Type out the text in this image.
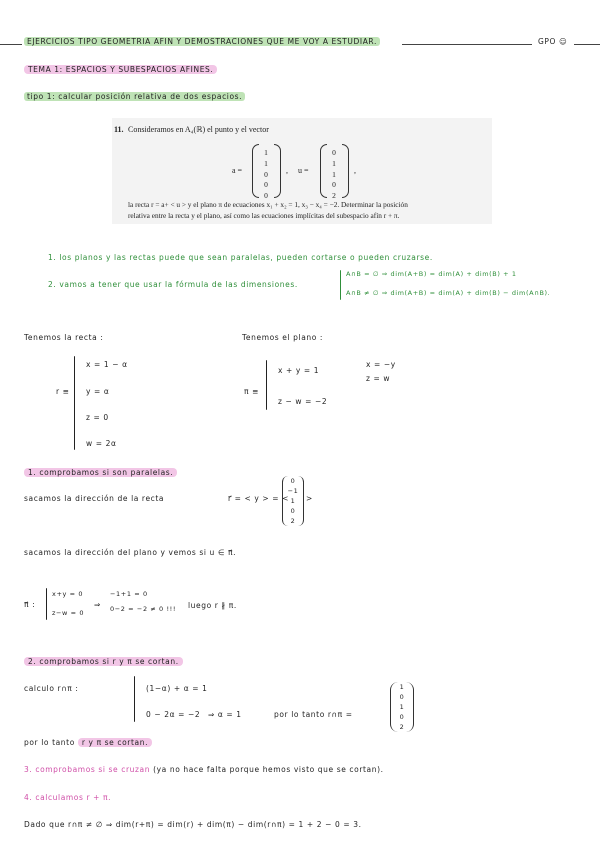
EJERCICIOS TIPO GEOMETRIA AFIN Y DEMOSTRACIONES QUE ME VOY A ESTUDIAR.	GPO ☺
TEMA 1: ESPACIOS Y SUBESPACIOS AFINES.
tipo 1: calcular posición relativa de dos espacios.
11. Consideramos en A₄(ℝ) el punto y el vector
a =
1
1
0
0
0
, u =
0
1
1
0
2
,
la recta r = a+ < u > y el plano π de ecuaciones x₁ + x₂ = 1, x₃ − x₄ = −2. Determinar la posición
relativa entre la recta y el plano, así como las ecuaciones implícitas del subespacio afín r + π.
1. los planos y las rectas puede que sean paralelas, pueden cortarse o pueden cruzarse.
2. vamos a tener que usar la fórmula de las dimensiones.
A∩B = ∅ ⇒ dim(A+B) = dim(A) + dim(B) + 1
A∩B ≠ ∅ ⇒ dim(A+B) = dim(A) + dim(B) − dim(A∩B).
Tenemos la recta :
r ≡
x = 1 − α
y = α
z = 0
w = 2α
Tenemos el plano :
π ≡
x + y = 1
z − w = −2
x = −y
z = w
1. comprobamos si son paralelas.
sacamos la dirección de la recta	r⃗ = < y > = <
0
−1
1
0
2
>
sacamos la dirección del plano y vemos si u ∈ π⃗.
π⃗ :
x+y = 0
z−w = 0
⇒
−1+1 = 0
0−2 = −2 ≠ 0 !!! luego r ∦ π.
2. comprobamos si r y π se cortan.
calculo r∩π :	(1−α) + α = 1
0 − 2α = −2 ⇒ α = 1	por lo tanto r∩π =
1
0
1
0
2
por lo tanto r y π se cortan.
3. comprobamos si se cruzan (ya no hace falta porque hemos visto que se cortan).
4. calculamos r + π.
Dado que r∩π ≠ ∅ ⇒ dim(r+π) = dim(r) + dim(π) − dim(r∩π) = 1 + 2 − 0 = 3.
